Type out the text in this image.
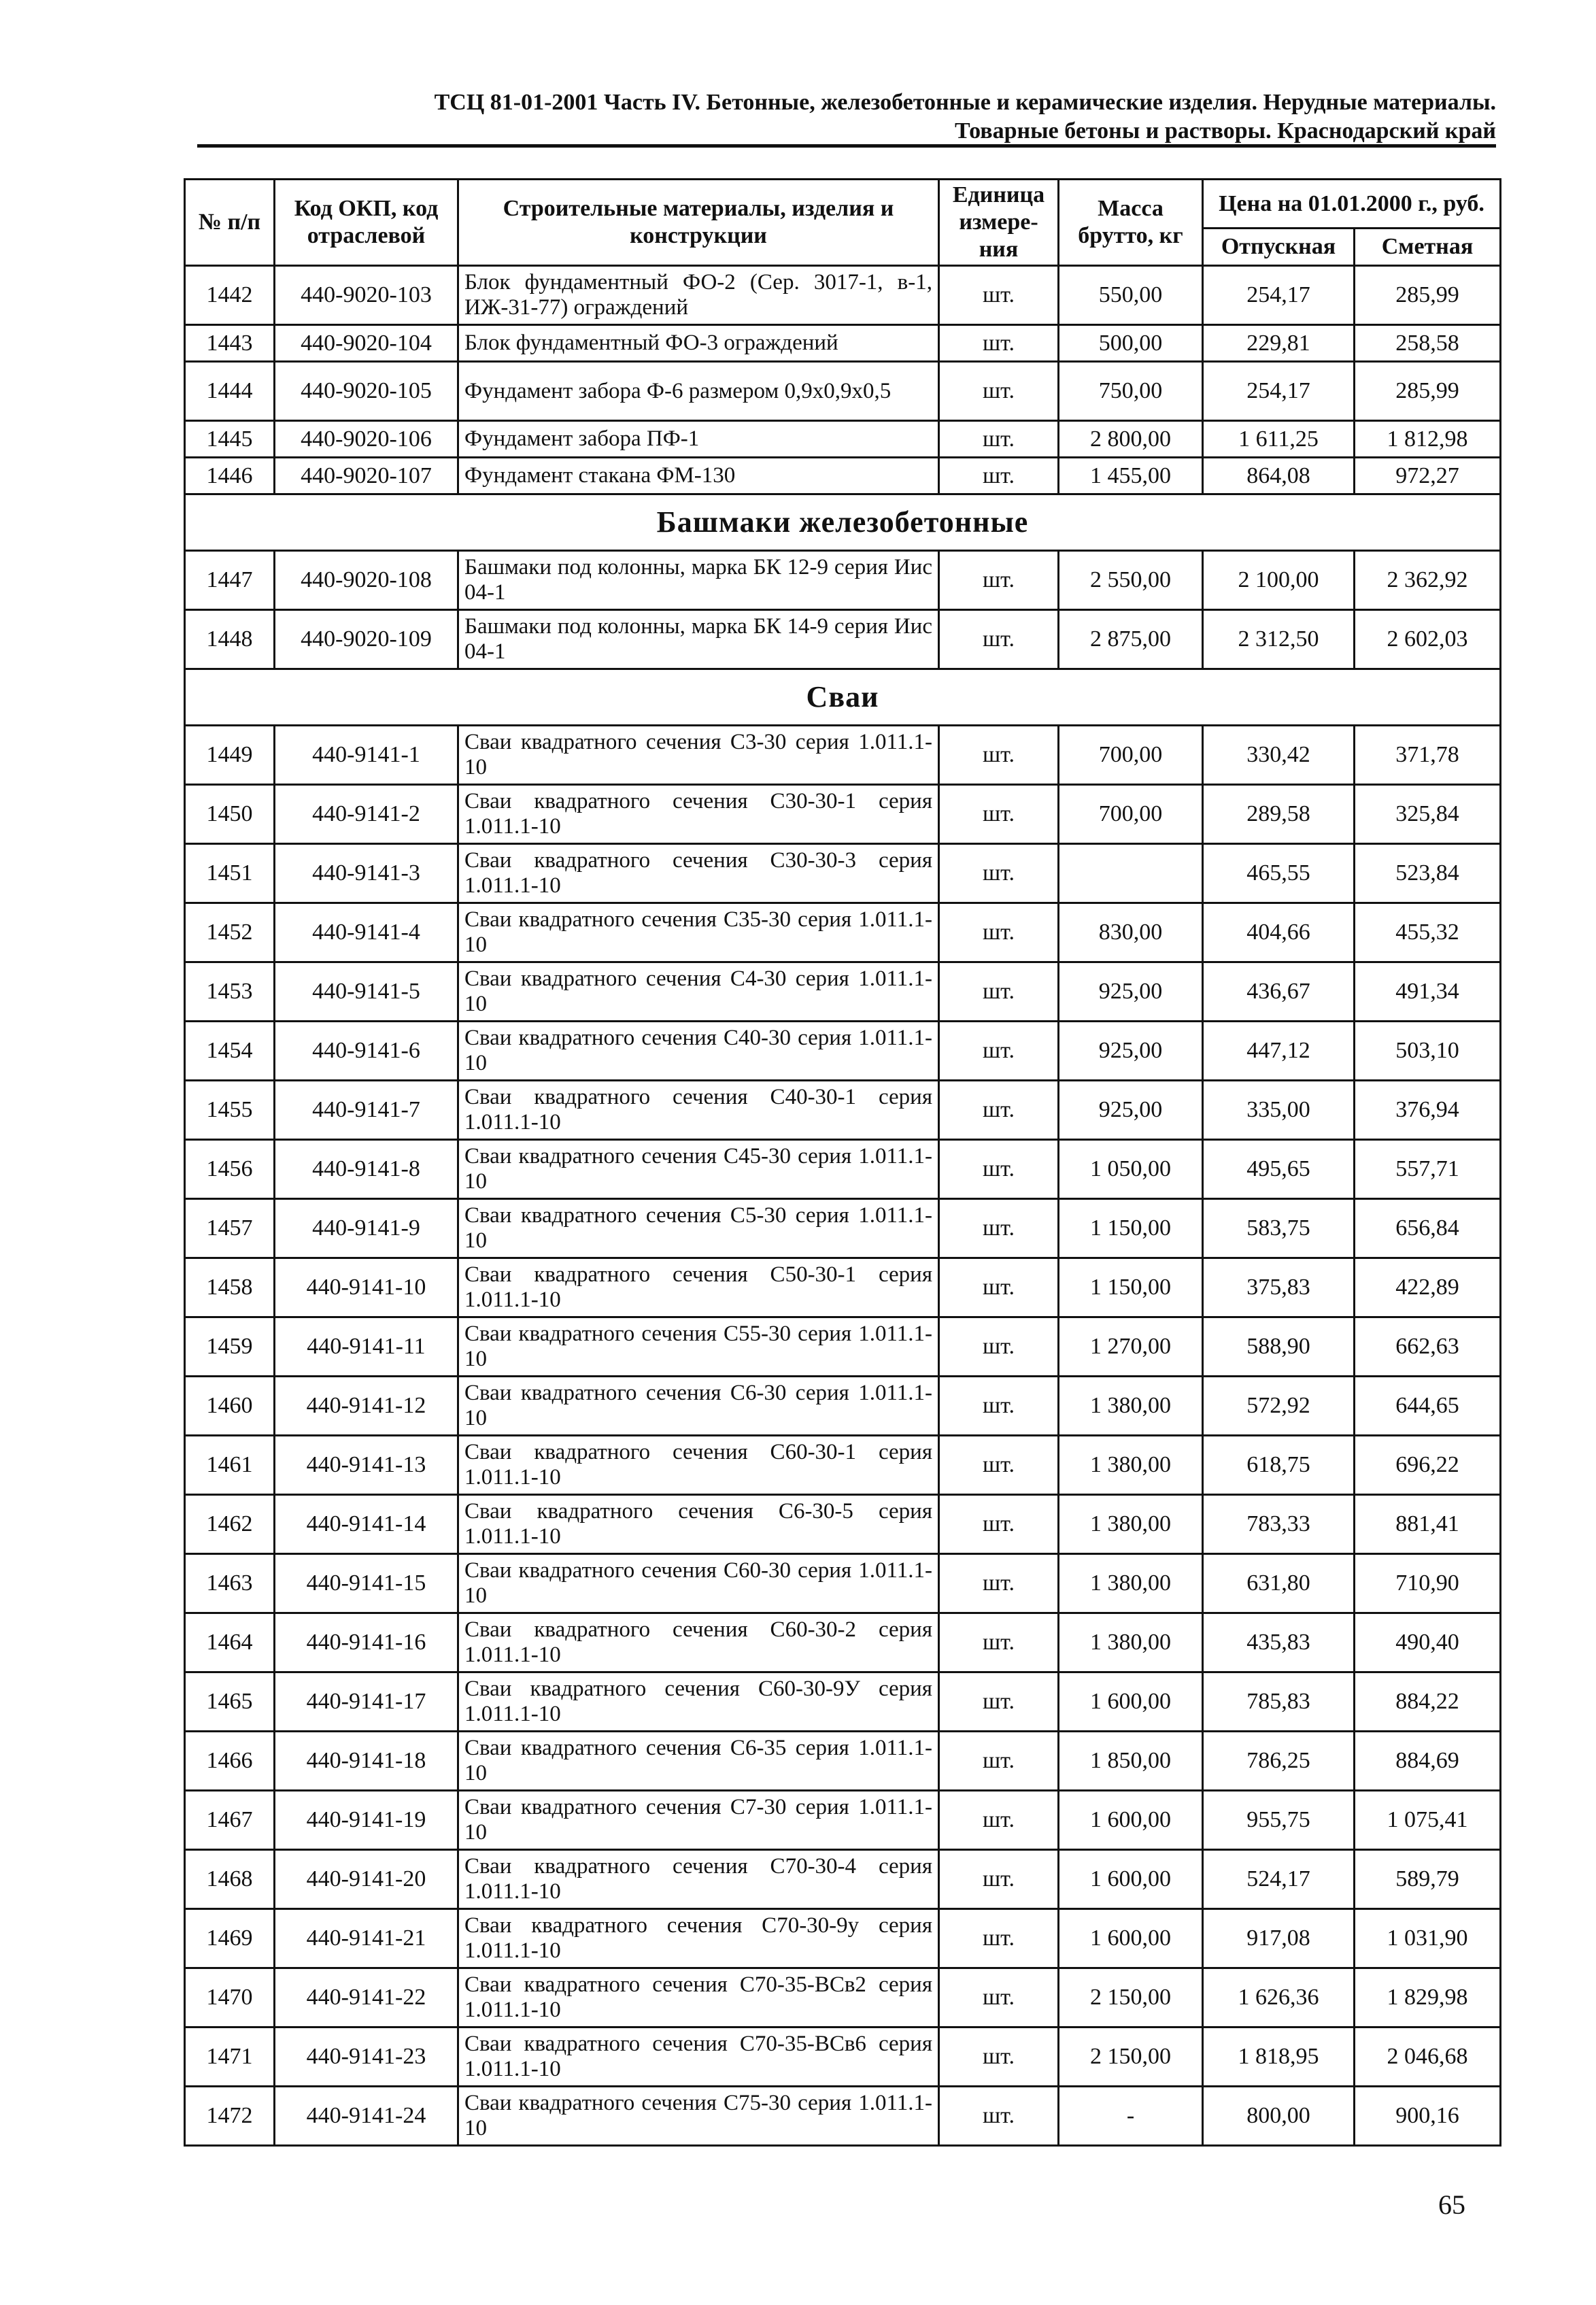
ТСЦ 81-01-2001 Часть IV. Бетонные, железобетонные и керамические изделия. Нерудные материалы.
Товарные бетоны и растворы. Краснодарский край
№ п/п	Код ОКП, код отраслевой	Строительные материалы, изделия и конструкции	Единица измере-ния	Масса брутто, кг	Цена на 01.01.2000 г., руб.	
					Отпускная	Сметная
1442	440-9020-103	Блок фундаментный ФО-2 (Сер. 3017-1, в-1, ИЖ-31-77) ограждений	шт.	550,00	254,17	285,99
1443	440-9020-104	Блок фундаментный ФО-3 ограждений	шт.	500,00	229,81	258,58
1444	440-9020-105	Фундамент забора Ф-6 размером 0,9х0,9х0,5	шт.	750,00	254,17	285,99
1445	440-9020-106	Фундамент забора ПФ-1	шт.	2 800,00	1 611,25	1 812,98
1446	440-9020-107	Фундамент стакана ФМ-130	шт.	1 455,00	864,08	972,27
Башмаки железобетонные						
1447	440-9020-108	Башмаки под колонны, марка БК 12-9 серия Иис 04-1	шт.	2 550,00	2 100,00	2 362,92
1448	440-9020-109	Башмаки под колонны, марка БК 14-9 серия Иис 04-1	шт.	2 875,00	2 312,50	2 602,03
Сваи						
1449	440-9141-1	Сваи квадратного сечения С3-30 серия 1.011.1-10	шт.	700,00	330,42	371,78
1450	440-9141-2	Сваи квадратного сечения С30-30-1 серия 1.011.1-10	шт.	700,00	289,58	325,84
1451	440-9141-3	Сваи квадратного сечения С30-30-3 серия 1.011.1-10	шт.		465,55	523,84
1452	440-9141-4	Сваи квадратного сечения С35-30 серия 1.011.1-10	шт.	830,00	404,66	455,32
1453	440-9141-5	Сваи квадратного сечения С4-30 серия 1.011.1-10	шт.	925,00	436,67	491,34
1454	440-9141-6	Сваи квадратного сечения С40-30 серия 1.011.1-10	шт.	925,00	447,12	503,10
1455	440-9141-7	Сваи квадратного сечения С40-30-1 серия 1.011.1-10	шт.	925,00	335,00	376,94
1456	440-9141-8	Сваи квадратного сечения С45-30 серия 1.011.1-10	шт.	1 050,00	495,65	557,71
1457	440-9141-9	Сваи квадратного сечения С5-30 серия 1.011.1-10	шт.	1 150,00	583,75	656,84
1458	440-9141-10	Сваи квадратного сечения С50-30-1 серия 1.011.1-10	шт.	1 150,00	375,83	422,89
1459	440-9141-11	Сваи квадратного сечения С55-30 серия 1.011.1-10	шт.	1 270,00	588,90	662,63
1460	440-9141-12	Сваи квадратного сечения С6-30 серия 1.011.1-10	шт.	1 380,00	572,92	644,65
1461	440-9141-13	Сваи квадратного сечения С60-30-1 серия 1.011.1-10	шт.	1 380,00	618,75	696,22
1462	440-9141-14	Сваи квадратного сечения С6-30-5 серия 1.011.1-10	шт.	1 380,00	783,33	881,41
1463	440-9141-15	Сваи квадратного сечения С60-30 серия 1.011.1-10	шт.	1 380,00	631,80	710,90
1464	440-9141-16	Сваи квадратного сечения С60-30-2 серия 1.011.1-10	шт.	1 380,00	435,83	490,40
1465	440-9141-17	Сваи квадратного сечения С60-30-9У серия 1.011.1-10	шт.	1 600,00	785,83	884,22
1466	440-9141-18	Сваи квадратного сечения С6-35 серия 1.011.1-10	шт.	1 850,00	786,25	884,69
1467	440-9141-19	Сваи квадратного сечения С7-30 серия 1.011.1-10	шт.	1 600,00	955,75	1 075,41
1468	440-9141-20	Сваи квадратного сечения С70-30-4 серия 1.011.1-10	шт.	1 600,00	524,17	589,79
1469	440-9141-21	Сваи квадратного сечения С70-30-9у серия 1.011.1-10	шт.	1 600,00	917,08	1 031,90
1470	440-9141-22	Сваи квадратного сечения С70-35-ВСв2 серия 1.011.1-10	шт.	2 150,00	1 626,36	1 829,98
1471	440-9141-23	Сваи квадратного сечения С70-35-ВСв6 серия 1.011.1-10	шт.	2 150,00	1 818,95	2 046,68
1472	440-9141-24	Сваи квадратного сечения С75-30 серия 1.011.1-10	шт.	-	800,00	900,16
65
